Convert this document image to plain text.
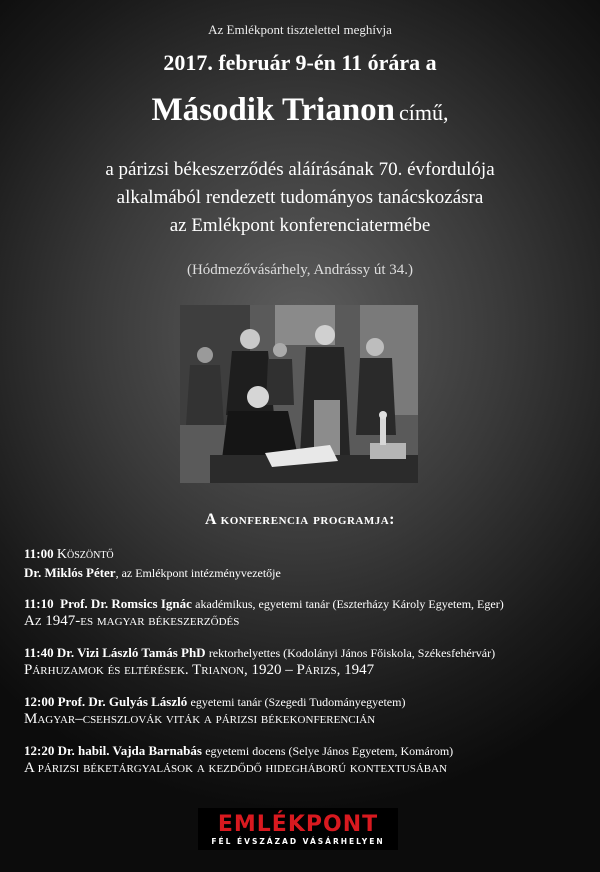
Az Emlékpont tisztelettel meghívja
2017. február 9-én 11 órára a
Második Trianon című,
a párizsi békeszerződés aláírásának 70. évfordulója
alkalmából rendezett tudományos tanácskozásra
az Emlékpont konferenciatermébe
(Hódmezővásárhely, Andrássy út 34.)
A konferencia programja:
11:00 Köszöntő
Dr. Miklós Péter, az Emlékpont intézményvezetője
11:10 Prof. Dr. Romsics Ignác akadémikus, egyetemi tanár (Eszterházy Károly Egyetem, Eger)
Az 1947-es magyar békeszerződés
11:40 Dr. Vizi László Tamás PhD rektorhelyettes (Kodolányi János Főiskola, Székesfehérvár)
Párhuzamok és eltérések. Trianon, 1920 – Párizs, 1947
12:00 Prof. Dr. Gulyás László egyetemi tanár (Szegedi Tudományegyetem)
Magyar–csehszlovák viták a párizsi békekonferencián
12:20 Dr. habil. Vajda Barnabás egyetemi docens (Selye János Egyetem, Komárom)
A párizsi béketárgyalások a kezdődő hidegháború kontextusában
EMLÉKPONT
FÉL ÉVSZÁZAD VÁSÁRHELYEN
